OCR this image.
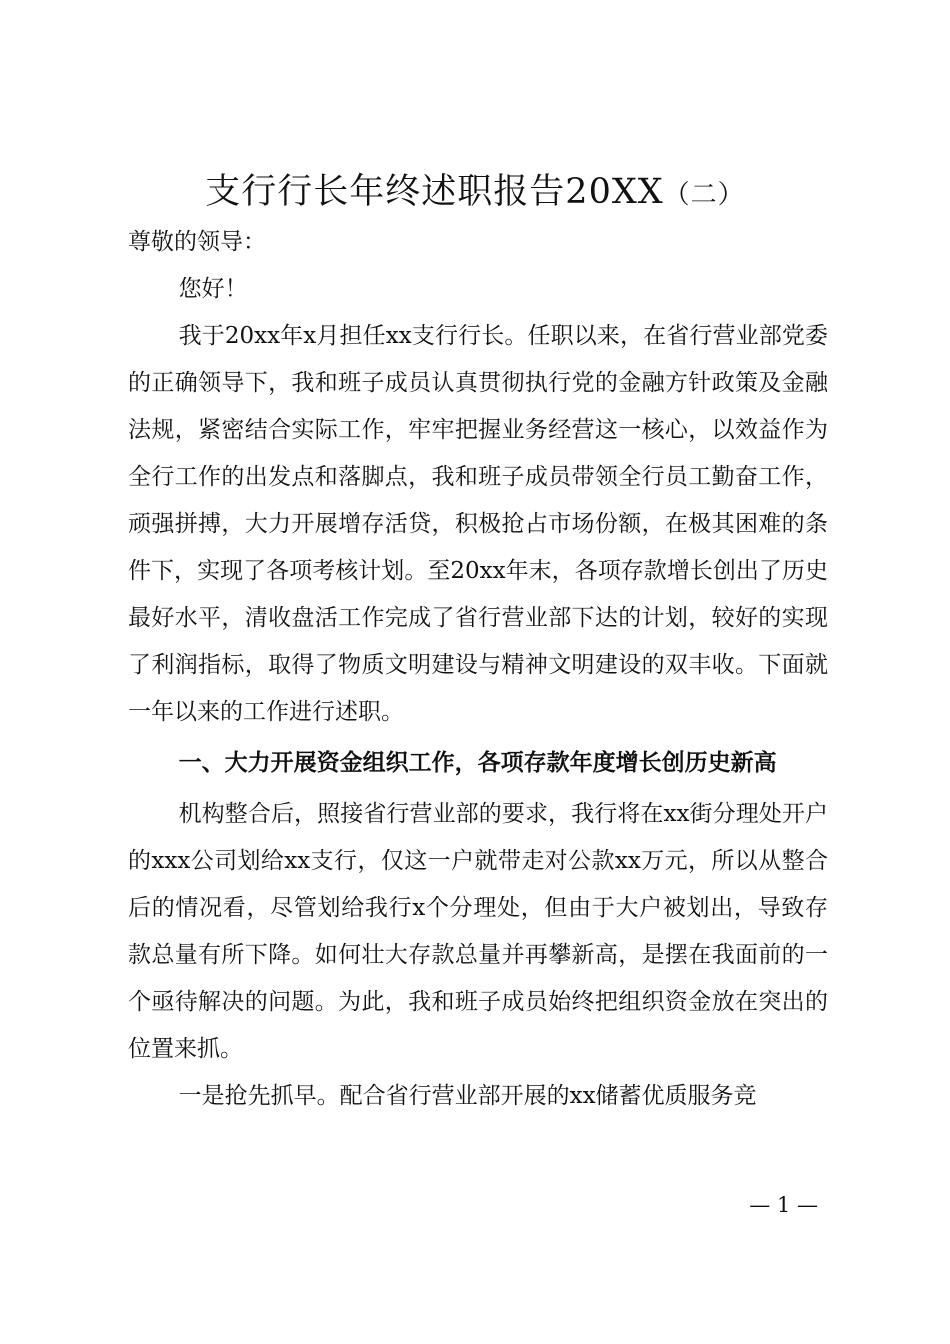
支行行长年终述职报告20XX（二）

尊敬的领导：

您好！

我于20xx年x月担任xx支行行长。任职以来，在省行营业部党委的正确领导下，我和班子成员认真贯彻执行党的金融方针政策及金融法规，紧密结合实际工作，牢牢把握业务经营这一核心，以效益作为全行工作的出发点和落脚点，我和班子成员带领全行员工勤奋工作，顽强拼搏，大力开展增存活贷，积极抢占市场份额，在极其困难的条件下，实现了各项考核计划。至20xx年末，各项存款增长创出了历史最好水平，清收盘活工作完成了省行营业部下达的计划，较好的实现了利润指标，取得了物质文明建设与精神文明建设的双丰收。下面就一年以来的工作进行述职。

一、大力开展资金组织工作，各项存款年度增长创历史新高

机构整合后，照接省行营业部的要求，我行将在xx街分理处开户的xxx公司划给xx支行，仅这一户就带走对公款xx万元，所以从整合后的情况看，尽管划给我行x个分理处，但由于大户被划出，导致存款总量有所下降。如何壮大存款总量并再攀新高，是摆在我面前的一个亟待解决的问题。为此，我和班子成员始终把组织资金放在突出的位置来抓。

一是抢先抓早。配合省行营业部开展的xx储蓄优质服务竞

— 1 —
